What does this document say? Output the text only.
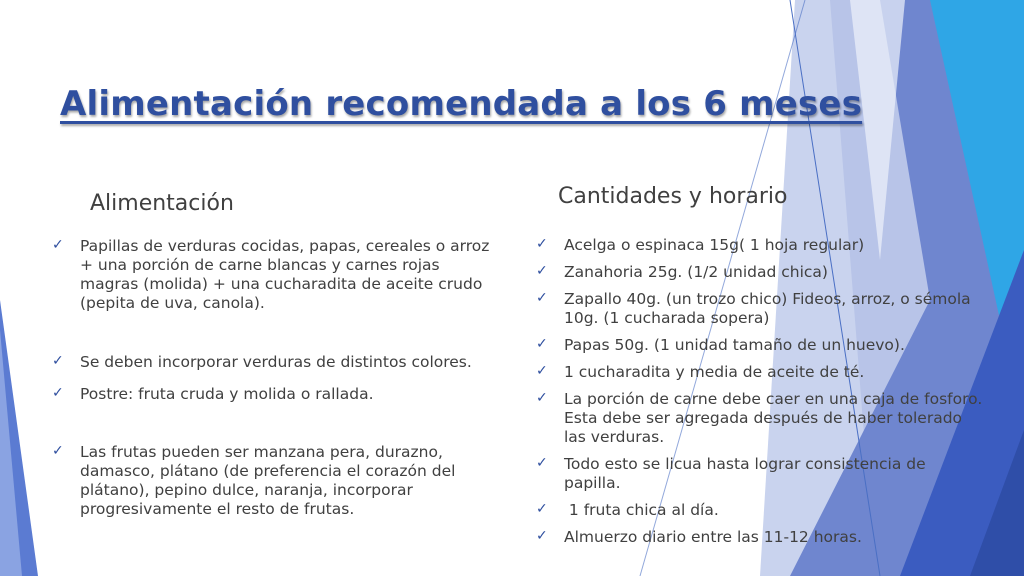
Alimentación recomendada a los 6 meses
Alimentación	Cantidades y horario
✓ Papillas de verduras cocidas, papas, cereales o arroz + una porción de carne blancas y carnes rojas magras (molida) + una cucharadita de aceite crudo (pepita de uva, canola).
✓ Se deben incorporar verduras de distintos colores.
✓ Postre: fruta cruda y molida o rallada.
✓ Las frutas pueden ser manzana pera, durazno, damasco, plátano (de preferencia el corazón del plátano), pepino dulce, naranja, incorporar progresivamente el resto de frutas.
✓ Acelga o espinaca 15g( 1 hoja regular)
✓ Zanahoria 25g. (1/2 unidad chica)
✓ Zapallo 40g. (un trozo chico) Fideos, arroz, o sémola 10g. (1 cucharada sopera)
✓ Papas 50g. (1 unidad tamaño de un huevo).
✓ 1 cucharadita y media de aceite de té.
✓ La porción de carne debe caer en una caja de fosforo. Esta debe ser agregada después de haber tolerado las verduras.
✓ Todo esto se licua hasta lograr consistencia de papilla.
✓ 1 fruta chica al día.
✓ Almuerzo diario entre las 11-12 horas.
